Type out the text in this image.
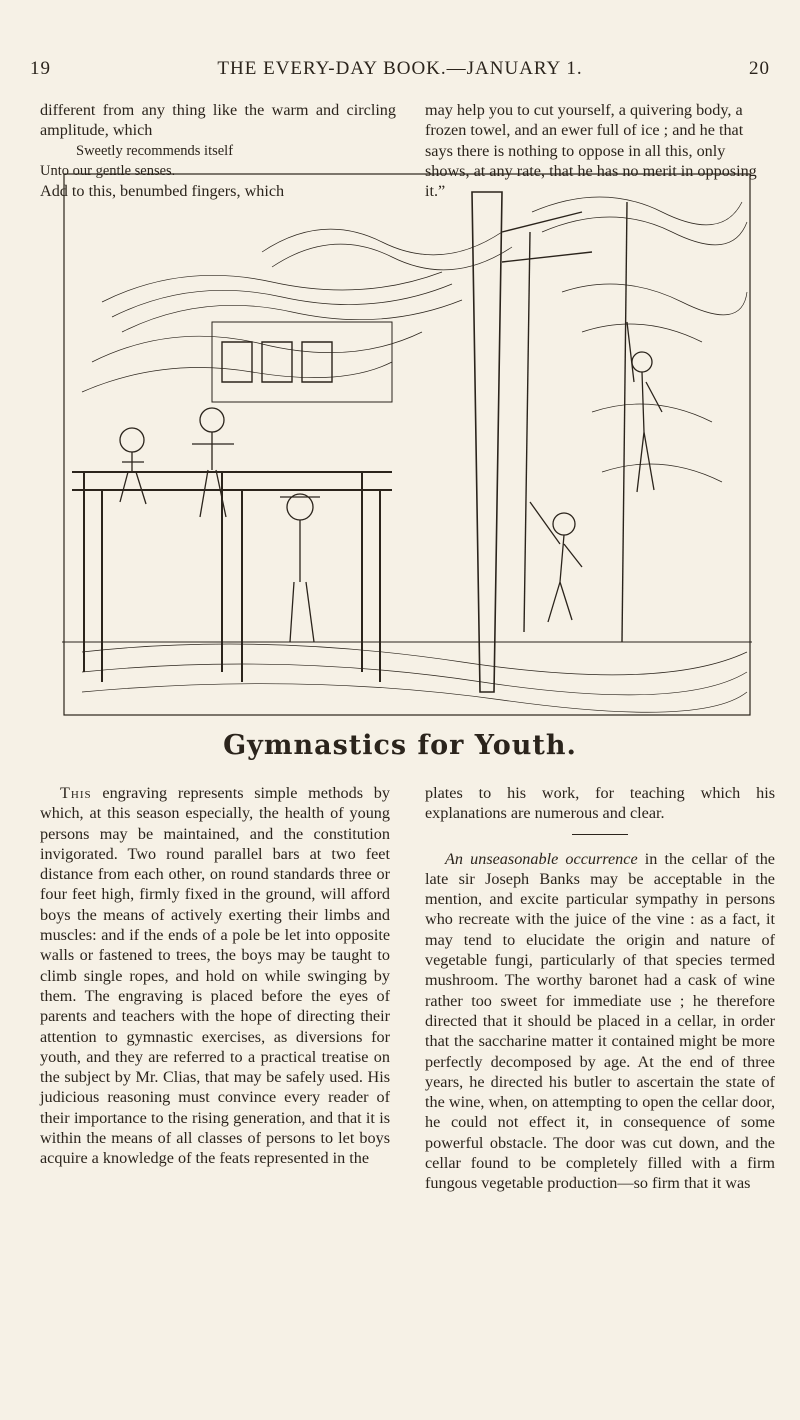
19	THE EVERY-DAY BOOK.—JANUARY 1.	20

different from any thing like the warm and circling amplitude, which

Sweetly recommends itself

Unto our gentle senses.

Add to this, benumbed fingers, which

may help you to cut yourself, a quivering body, a frozen towel, and an ewer full of ice ; and he that says there is nothing to oppose in all this, only shows, at any rate, that he has no merit in opposing it.”

Gymnastics for Youth.

This engraving represents simple methods by which, at this season especially, the health of young persons may be maintained, and the constitution invigorated. Two round parallel bars at two feet distance from each other, on round standards three or four feet high, firmly fixed in the ground, will afford boys the means of actively exerting their limbs and muscles: and if the ends of a pole be let into opposite walls or fastened to trees, the boys may be taught to climb single ropes, and hold on while swinging by them. The engraving is placed before the eyes of parents and teachers with the hope of directing their attention to gymnastic exercises, as diversions for youth, and they are referred to a practical treatise on the subject by Mr. Clias, that may be safely used. His judicious reasoning must convince every reader of their importance to the rising generation, and that it is within the means of all classes of persons to let boys acquire a knowledge of the feats represented in the

plates to his work, for teaching which his explanations are numerous and clear.

An unseasonable occurrence in the cellar of the late sir Joseph Banks may be acceptable in the mention, and excite particular sympathy in persons who recreate with the juice of the vine : as a fact, it may tend to elucidate the origin and nature of vegetable fungi, particularly of that species termed mushroom. The worthy baronet had a cask of wine rather too sweet for immediate use ; he therefore directed that it should be placed in a cellar, in order that the saccharine matter it contained might be more perfectly decomposed by age. At the end of three years, he directed his butler to ascertain the state of the wine, when, on attempting to open the cellar door, he could not effect it, in consequence of some powerful obstacle. The door was cut down, and the cellar found to be completely filled with a firm fungous vegetable production—so firm that it was
